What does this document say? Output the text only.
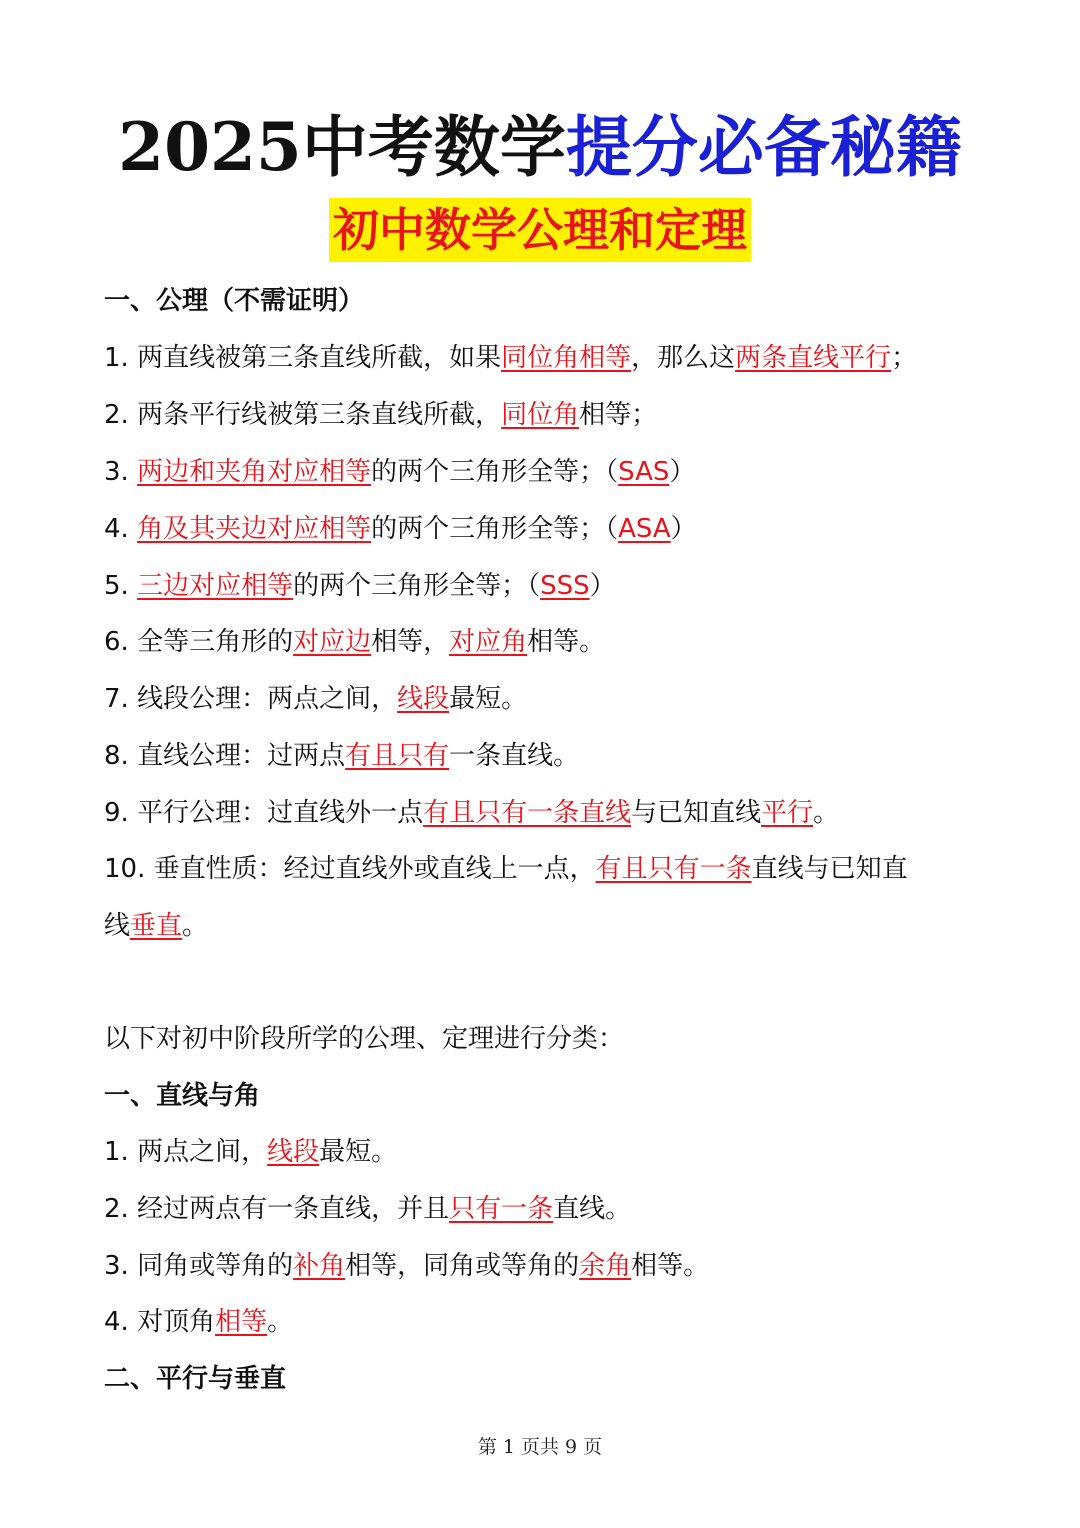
2025中考数学提分必备秘籍
初中数学公理和定理
一、公理（不需证明）
1. 两直线被第三条直线所截，如果同位角相等，那么这两条直线平行；
2. 两条平行线被第三条直线所截，同位角相等；
3. 两边和夹角对应相等的两个三角形全等；（SAS）
4. 角及其夹边对应相等的两个三角形全等；（ASA）
5. 三边对应相等的两个三角形全等；（SSS）
6. 全等三角形的对应边相等，对应角相等。
7. 线段公理：两点之间，线段最短。
8. 直线公理：过两点有且只有一条直线。
9. 平行公理：过直线外一点有且只有一条直线与已知直线平行。
10. 垂直性质：经过直线外或直线上一点，有且只有一条直线与已知直
线垂直。
以下对初中阶段所学的公理、定理进行分类：
一、直线与角
1. 两点之间，线段最短。
2. 经过两点有一条直线，并且只有一条直线。
3. 同角或等角的补角相等，同角或等角的余角相等。
4. 对顶角相等。
二、平行与垂直
第 1 页共 9 页
